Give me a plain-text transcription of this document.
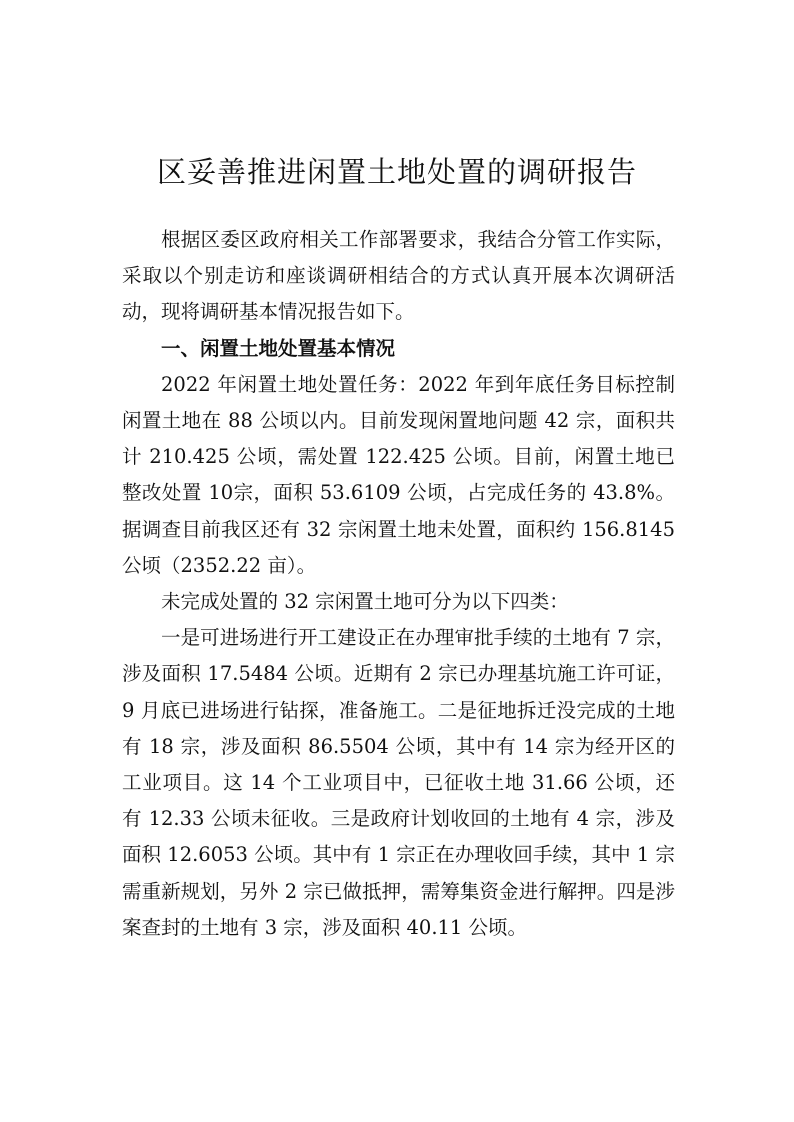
区妥善推进闲置土地处置的调研报告

根据区委区政府相关工作部署要求，我结合分管工作实际，采取以个别走访和座谈调研相结合的方式认真开展本次调研活动，现将调研基本情况报告如下。

一、闲置土地处置基本情况

2022 年闲置土地处置任务：2022 年到年底任务目标控制闲置土地在 88 公顷以内。目前发现闲置地问题 42 宗，面积共计 210.425 公顷，需处置 122.425 公顷。目前，闲置土地已整改处置 10宗，面积 53.6109 公顷，占完成任务的 43.8%。据调查目前我区还有 32 宗闲置土地未处置，面积约 156.8145 公顷（2352.22 亩）。

未完成处置的 32 宗闲置土地可分为以下四类：

一是可进场进行开工建设正在办理审批手续的土地有 7 宗，涉及面积 17.5484 公顷。近期有 2 宗已办理基坑施工许可证，9 月底已进场进行钻探，准备施工。二是征地拆迁没完成的土地有 18 宗，涉及面积 86.5504 公顷，其中有 14 宗为经开区的工业项目。这 14 个工业项目中，已征收土地 31.66 公顷，还有 12.33 公顷未征收。三是政府计划收回的土地有 4 宗，涉及面积 12.6053 公顷。其中有 1 宗正在办理收回手续，其中 1 宗需重新规划，另外 2 宗已做抵押，需筹集资金进行解押。四是涉案查封的土地有 3 宗，涉及面积 40.11 公顷。
